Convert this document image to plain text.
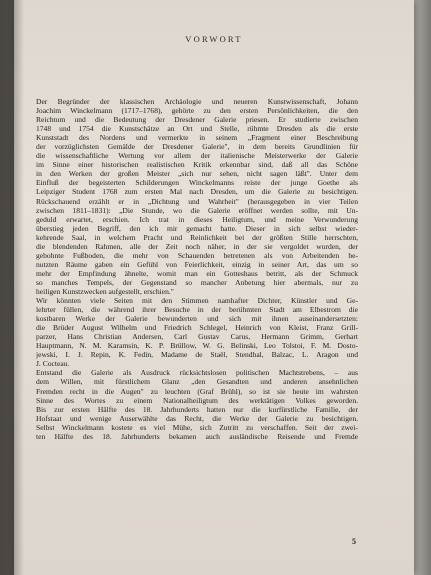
VORWORT
Der Begründer der klassischen Archäologie und neueren Kunstwissenschaft, Johann
Joachim Winckelmann (1717–1768), gehörte zu den ersten Persönlichkeiten, die den
Reichtum und die Bedeutung der Dresdener Galerie priesen. Er studierte zwischen
1748 und 1754 die Kunstschätze an Ort und Stelle, rühmte Dresden als die erste
Kunststadt des Nordens und vermerkte in seinem „Fragment einer Beschreibung
der vorzüglichsten Gemälde der Dresdener Galerie", in dem bereits Grundlinien für
die wissenschaftliche Wertung vor allem der italienische Meisterwerke der Galerie
im Sinne einer historischen realistischen Kritik erkennbar sind, daß all das Schöne
in den Werken der großen Meister „sich nur sehen, nicht sagen läßt". Unter dem
Einfluß der begeisterten Schilderungen Winckelmanns reiste der junge Goethe als
Leipziger Student 1768 zum ersten Mal nach Dresden, um die Galerie zu besichtigen.
Rückschauend erzählt er in „Dichtung und Wahrheit" (herausgegeben in vier Teilen
zwischen 1811–1831): „Die Stunde, wo die Galerie eröffnet werden sollte, mit Un-
geduld erwartet, erschien. Ich trat in dieses Heiligtum, und meine Verwunderung
überstieg jeden Begriff, den ich mir gemacht hatte. Dieser in sich selbst wieder-
kehrende Saal, in welchem Pracht und Reinlichkeit bei der größten Stille herrschten,
die blendenden Rahmen, alle der Zeit noch näher, in der sie vergoldet wurden, der
gebohnte Fußboden, die mehr von Schauenden betretenen als von Arbeitenden be-
nutzten Räume gaben ein Gefühl von Feierlichkeit, einzig in seiner Art, das um so
mehr der Empfindung ähnelte, womit man ein Gotteshaus betritt, als der Schmuck
so manches Tempels, der Gegenstand so mancher Anbetung hier abermals, nur zu
heiligen Kunstzwecken aufgestellt, erschien."
Wir könnten viele Seiten mit den Stimmen namhafter Dichter, Künstler und Ge-
lehrter füllen, die während ihrer Besuche in der berühmten Stadt am Elbestrom die
kostbaren Werke der Galerie bewunderten und sich mit ihnen auseinandersetzten:
die Brüder August Wilhelm und Friedrich Schlegel, Heinrich von Kleist, Franz Grill-
parzer, Hans Christian Andersen, Carl Gustav Carus, Hermann Grimm, Gerhart
Hauptmann, N. M. Karamsin, K. P. Brüllow, W. G. Belinski, Leo Tolstoi, F. M. Dosto-
jewski, I. J. Repin, K. Fedin, Madame de Staël, Stendhal, Balzac, L. Aragon und
J. Cocteau.
Entstand die Galerie als Ausdruck rücksichtslosen politischen Machtstrebens, – aus
dem Willen, mit fürstlichem Glanz „den Gesandten und anderen ansehnlichen
Fremden recht in die Augen" zu leuchten (Graf Brühl), so ist sie heute im wahrsten
Sinne des Wortes zu einem Nationalheiligtum des werktätigen Volkes geworden.
Bis zur ersten Hälfte des 18. Jahrhunderts hatten nur die kurfürstliche Familie, der
Hofstaat und wenige Auserwählte das Recht, die Werke der Galerie zu besichtigen.
Selbst Winckelmann kostete es viel Mühe, sich Zutritt zu verschaffen. Seit der zwei-
ten Hälfte des 18. Jahrhunderts bekamen auch ausländische Reisende und Fremde
5
